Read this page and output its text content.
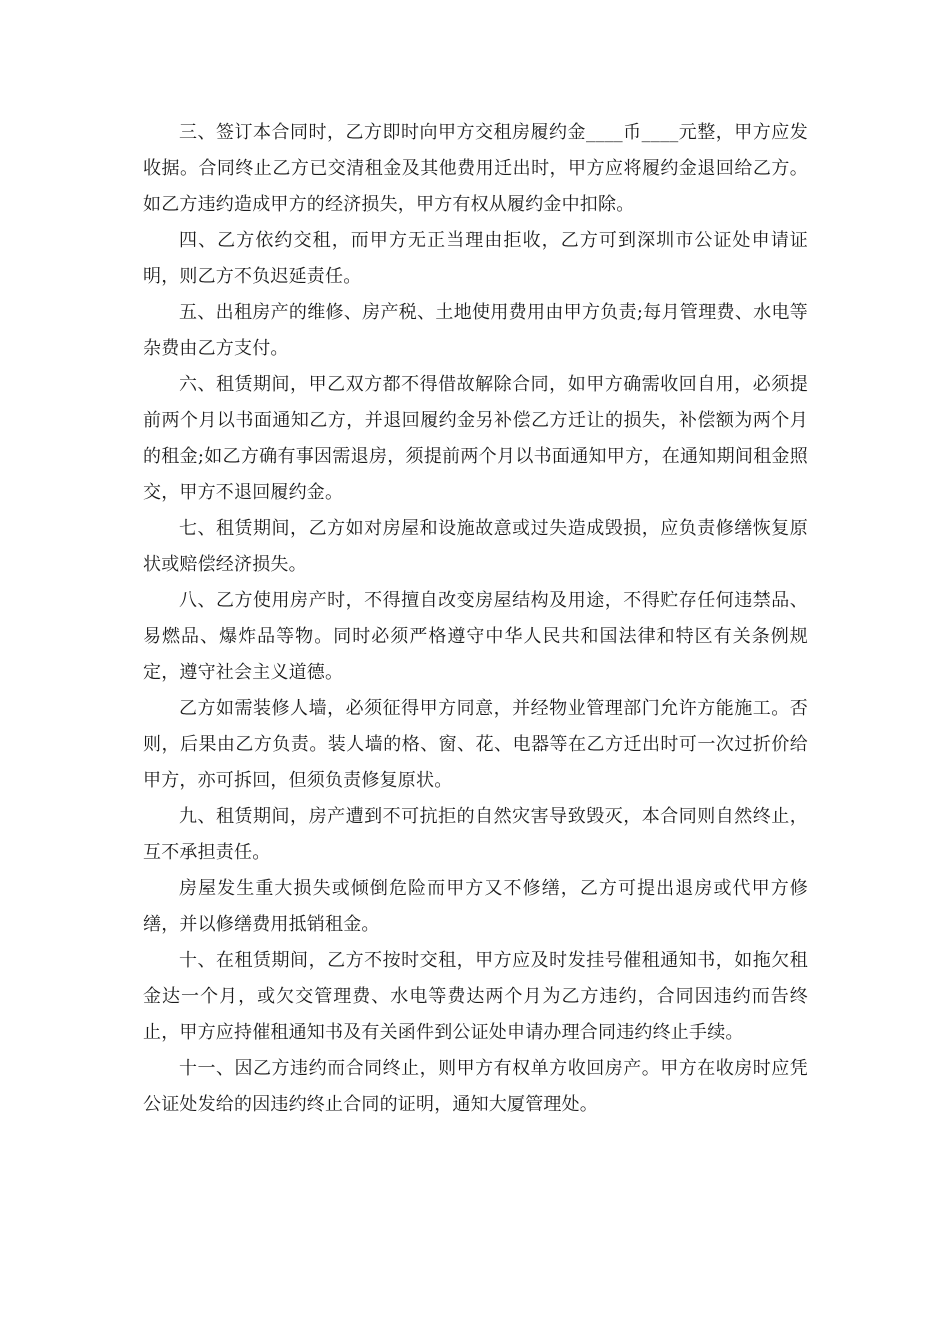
三、签订本合同时，乙方即时向甲方交租房履约金____币____元整，甲方应发收据。合同终止乙方已交清租金及其他费用迁出时，甲方应将履约金退回给乙方。如乙方违约造成甲方的经济损失，甲方有权从履约金中扣除。

四、乙方依约交租，而甲方无正当理由拒收，乙方可到深圳市公证处申请证明，则乙方不负迟延责任。

五、出租房产的维修、房产税、土地使用费用由甲方负责;每月管理费、水电等杂费由乙方支付。

六、租赁期间，甲乙双方都不得借故解除合同，如甲方确需收回自用，必须提前两个月以书面通知乙方，并退回履约金另补偿乙方迁让的损失，补偿额为两个月的租金;如乙方确有事因需退房，须提前两个月以书面通知甲方，在通知期间租金照交，甲方不退回履约金。

七、租赁期间，乙方如对房屋和设施故意或过失造成毁损，应负责修缮恢复原状或赔偿经济损失。

八、乙方使用房产时，不得擅自改变房屋结构及用途，不得贮存任何违禁品、易燃品、爆炸品等物。同时必须严格遵守中华人民共和国法律和特区有关条例规定，遵守社会主义道德。

乙方如需装修人墙，必须征得甲方同意，并经物业管理部门允许方能施工。否则，后果由乙方负责。装人墙的格、窗、花、电器等在乙方迁出时可一次过折价给甲方，亦可拆回，但须负责修复原状。

九、租赁期间，房产遭到不可抗拒的自然灾害导致毁灭，本合同则自然终止，互不承担责任。

房屋发生重大损失或倾倒危险而甲方又不修缮，乙方可提出退房或代甲方修缮，并以修缮费用抵销租金。

十、在租赁期间，乙方不按时交租，甲方应及时发挂号催租通知书，如拖欠租金达一个月，或欠交管理费、水电等费达两个月为乙方违约，合同因违约而告终止，甲方应持催租通知书及有关函件到公证处申请办理合同违约终止手续。

十一、因乙方违约而合同终止，则甲方有权单方收回房产。甲方在收房时应凭公证处发给的因违约终止合同的证明，通知大厦管理处。
